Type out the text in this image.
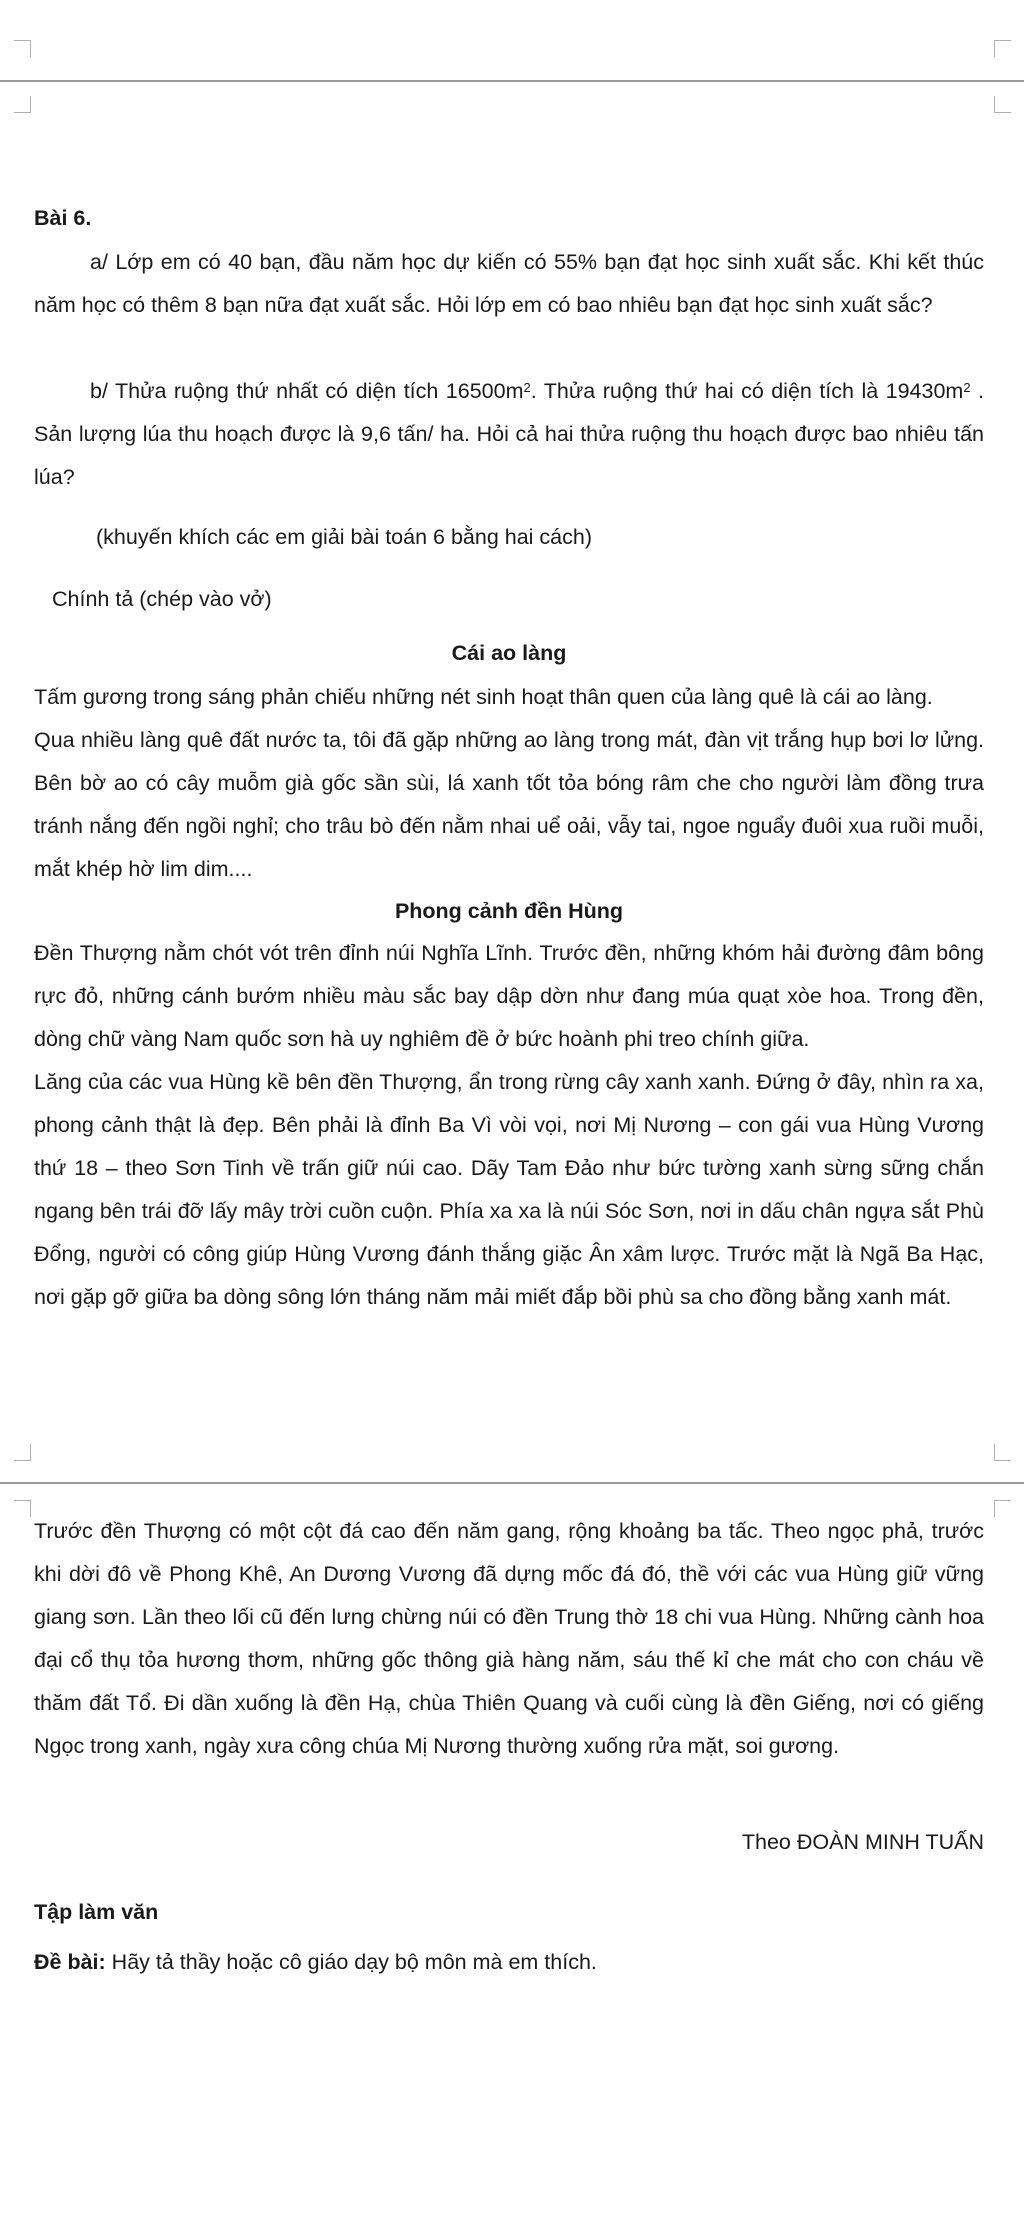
Bài 6.

a/ Lớp em có 40 bạn, đầu năm học dự kiến có 55% bạn đạt học sinh xuất sắc. Khi kết thúc năm học có thêm 8 bạn nữa đạt xuất sắc. Hỏi lớp em có bao nhiêu bạn đạt học sinh xuất sắc?

b/ Thửa ruộng thứ nhất có diện tích $16500m^2$. Thửa ruộng thứ hai có diện tích là $19430m^2$ . Sản lượng lúa thu hoạch được là 9,6 tấn/ ha. Hỏi cả hai thửa ruộng thu hoạch được bao nhiêu tấn lúa?

(khuyến khích các em giải bài toán 6 bằng hai cách)
Chính tả (chép vào vở)
Cái ao làng

Tấm gương trong sáng phản chiếu những nét sinh hoạt thân quen của làng quê là cái ao làng.

Qua nhiều làng quê đất nước ta, tôi đã gặp những ao làng trong mát, đàn vịt trắng hụp bơi lơ lửng. Bên bờ ao có cây muỗm già gốc sần sùi, lá xanh tốt tỏa bóng râm che cho người làm đồng trưa tránh nắng đến ngồi nghỉ; cho trâu bò đến nằm nhai uể oải, vẫy tai, ngoe nguẩy đuôi xua ruồi muỗi, mắt khép hờ lim dim....

Phong cảnh đền Hùng

Đền Thượng nằm chót vót trên đỉnh núi Nghĩa Lĩnh. Trước đền, những khóm hải đường đâm bông rực đỏ, những cánh bướm nhiều màu sắc bay dập dờn như đang múa quạt xòe hoa. Trong đền, dòng chữ vàng Nam quốc sơn hà uy nghiêm đề ở bức hoành phi treo chính giữa.

Lăng của các vua Hùng kề bên đền Thượng, ẩn trong rừng cây xanh xanh. Đứng ở đây, nhìn ra xa, phong cảnh thật là đẹp. Bên phải là đỉnh Ba Vì vòi vọi, nơi Mị Nương – con gái vua Hùng Vương thứ 18 – theo Sơn Tinh về trấn giữ núi cao. Dãy Tam Đảo như bức tường xanh sừng sững chắn ngang bên trái đỡ lấy mây trời cuồn cuộn. Phía xa xa là núi Sóc Sơn, nơi in dấu chân ngựa sắt Phù Đổng, người có công giúp Hùng Vương đánh thắng giặc Ân xâm lược. Trước mặt là Ngã Ba Hạc, nơi gặp gỡ giữa ba dòng sông lớn tháng năm mải miết đắp bồi phù sa cho đồng bằng xanh mát.

Trước đền Thượng có một cột đá cao đến năm gang, rộng khoảng ba tấc. Theo ngọc phả, trước khi dời đô về Phong Khê, An Dương Vương đã dựng mốc đá đó, thề với các vua Hùng giữ vững giang sơn. Lần theo lối cũ đến lưng chừng núi có đền Trung thờ 18 chi vua Hùng. Những cành hoa đại cổ thụ tỏa hương thơm, những gốc thông già hàng năm, sáu thế kỉ che mát cho con cháu về thăm đất Tổ. Đi dần xuống là đền Hạ, chùa Thiên Quang và cuối cùng là đền Giếng, nơi có giếng Ngọc trong xanh, ngày xưa công chúa Mị Nương thường xuống rửa mặt, soi gương.

Theo ĐOÀN MINH TUẤN
Tập làm văn
Đề bài: Hãy tả thầy hoặc cô giáo dạy bộ môn mà em thích.
